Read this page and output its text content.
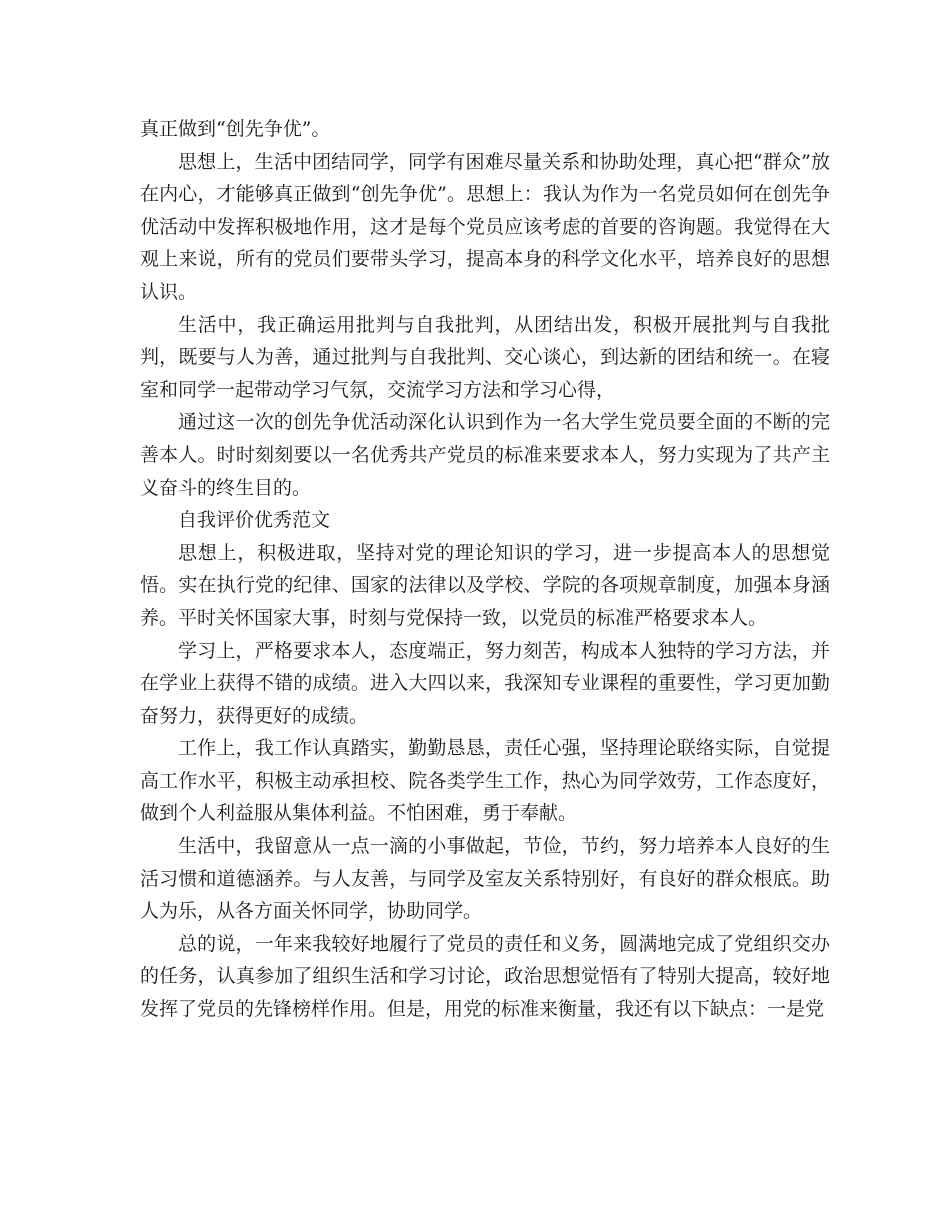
真正做到“创先争优”。

思想上，生活中团结同学，同学有困难尽量关系和协助处理，真心把“群众”放在内心，才能够真正做到“创先争优”。思想上：我认为作为一名党员如何在创先争优活动中发挥积极地作用，这才是每个党员应该考虑的首要的咨询题。我觉得在大观上来说，所有的党员们要带头学习，提高本身的科学文化水平，培养良好的思想认识。

生活中，我正确运用批判与自我批判，从团结出发，积极开展批判与自我批判，既要与人为善，通过批判与自我批判、交心谈心，到达新的团结和统一。在寝室和同学一起带动学习气氛，交流学习方法和学习心得，

通过这一次的创先争优活动深化认识到作为一名大学生党员要全面的不断的完善本人。时时刻刻要以一名优秀共产党员的标准来要求本人，努力实现为了共产主义奋斗的终生目的。

自我评价优秀范文

思想上，积极进取，坚持对党的理论知识的学习，进一步提高本人的思想觉悟。实在执行党的纪律、国家的法律以及学校、学院的各项规章制度，加强本身涵养。平时关怀国家大事，时刻与党保持一致，以党员的标准严格要求本人。

学习上，严格要求本人，态度端正，努力刻苦，构成本人独特的学习方法，并在学业上获得不错的成绩。进入大四以来，我深知专业课程的重要性，学习更加勤奋努力，获得更好的成绩。

工作上，我工作认真踏实，勤勤恳恳，责任心强，坚持理论联络实际，自觉提高工作水平，积极主动承担校、院各类学生工作，热心为同学效劳，工作态度好，做到个人利益服从集体利益。不怕困难，勇于奉献。

生活中，我留意从一点一滴的小事做起，节俭，节约，努力培养本人良好的生活习惯和道德涵养。与人友善，与同学及室友关系特别好，有良好的群众根底。助人为乐，从各方面关怀同学，协助同学。

总的说，一年来我较好地履行了党员的责任和义务，圆满地完成了党组织交办的任务，认真参加了组织生活和学习讨论，政治思想觉悟有了特别大提高，较好地发挥了党员的先锋榜样作用。但是，用党的标准来衡量，我还有以下缺点：一是党
